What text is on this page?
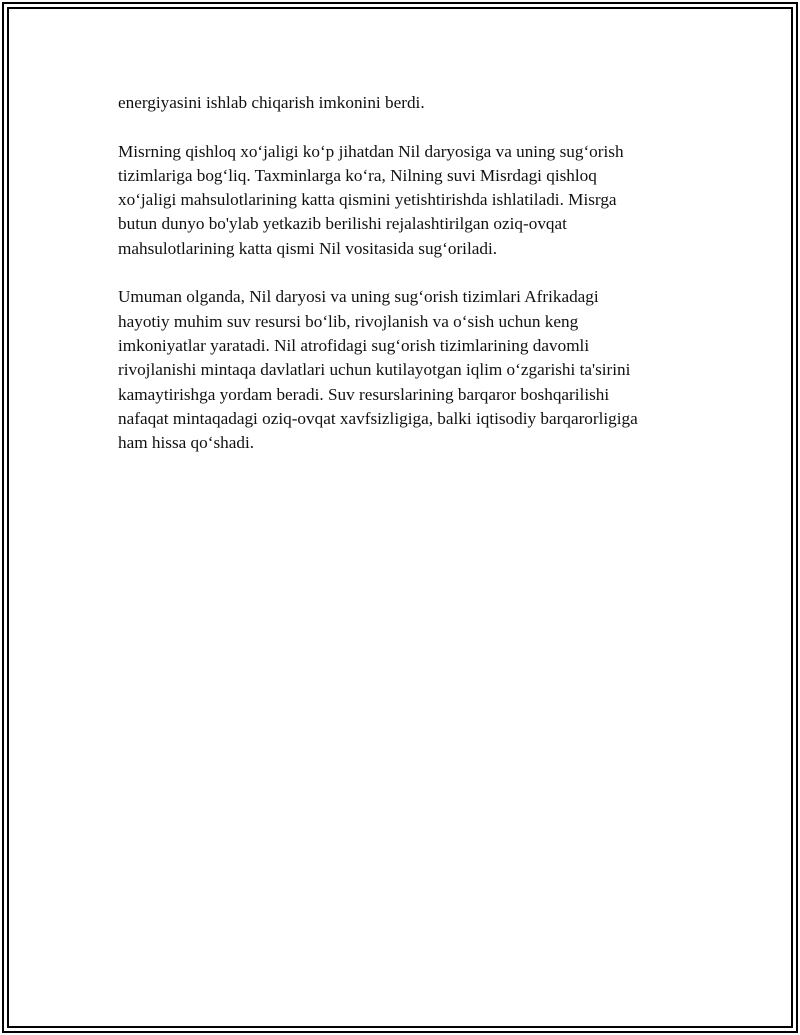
energiyasini ishlab chiqarish imkonini berdi.

Misrning qishloq xo‘jaligi ko‘p jihatdan Nil daryosiga va uning sug‘orish
tizimlariga bog‘liq. Taxminlarga ko‘ra, Nilning suvi Misrdagi qishloq
xo‘jaligi mahsulotlarining katta qismini yetishtirishda ishlatiladi. Misrga
butun dunyo bo'ylab yetkazib berilishi rejalashtirilgan oziq-ovqat
mahsulotlarining katta qismi Nil vositasida sug‘oriladi.

Umuman olganda, Nil daryosi va uning sug‘orish tizimlari Afrikadagi
hayotiy muhim suv resursi bo‘lib, rivojlanish va o‘sish uchun keng
imkoniyatlar yaratadi. Nil atrofidagi sug‘orish tizimlarining davomli
rivojlanishi mintaqa davlatlari uchun kutilayotgan iqlim o‘zgarishi ta'sirini
kamaytirishga yordam beradi. Suv resurslarining barqaror boshqarilishi
nafaqat mintaqadagi oziq-ovqat xavfsizligiga, balki iqtisodiy barqarorligiga
ham hissa qo‘shadi.
